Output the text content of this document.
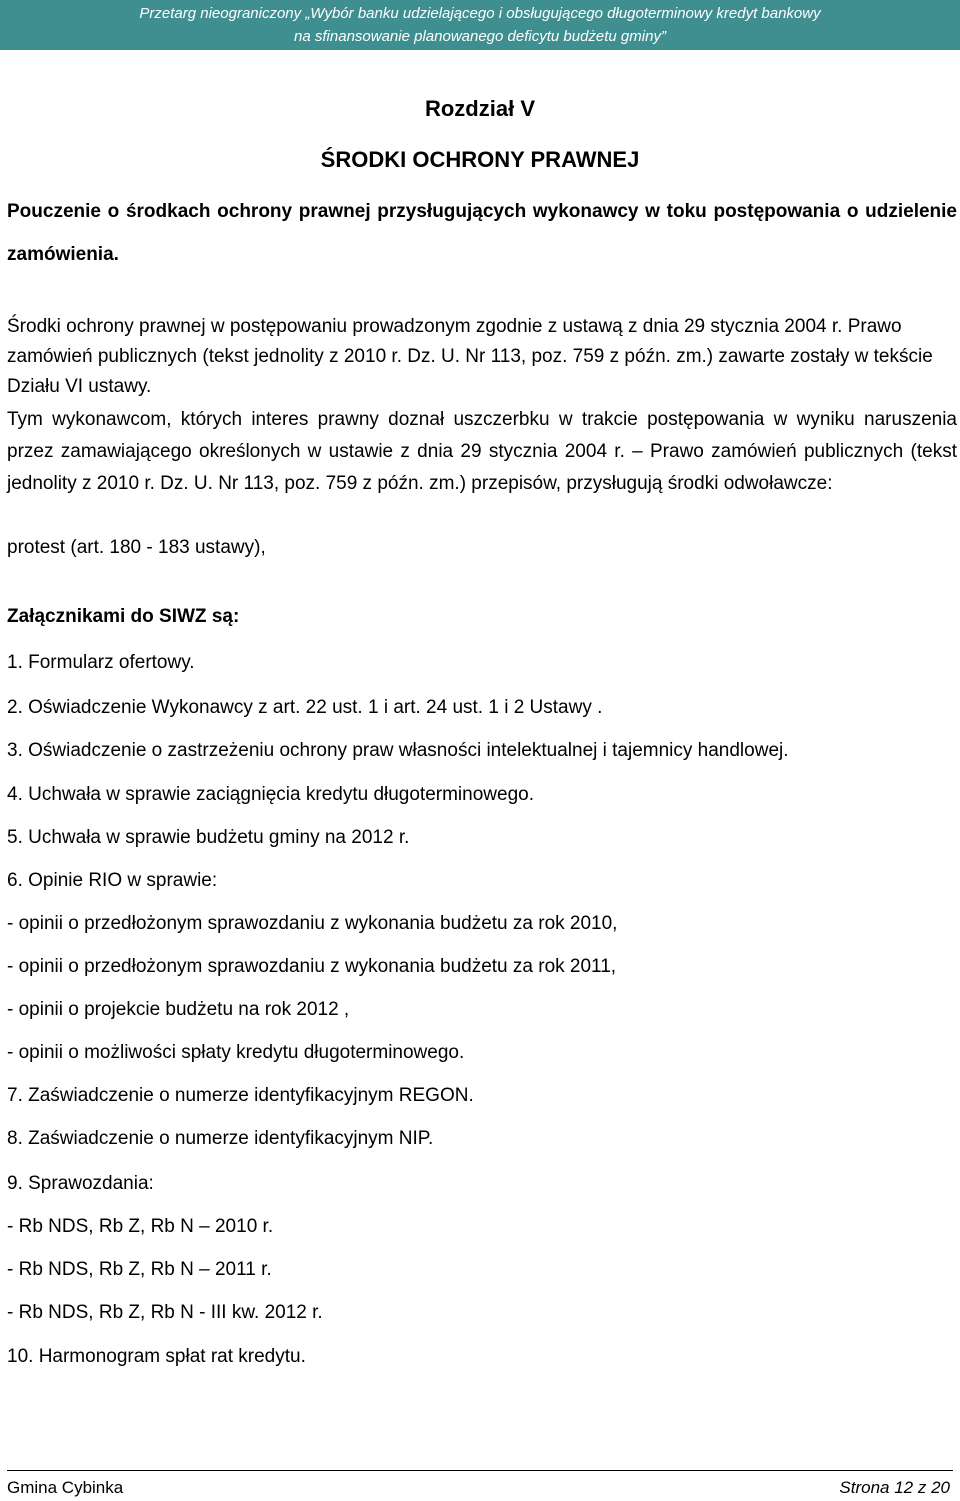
Przetarg nieograniczony „Wybór banku udzielającego i obsługującego długoterminowy kredyt bankowy
na sfinansowanie planowanego deficytu budżetu gminy”
Rozdział V
ŚRODKI OCHRONY PRAWNEJ
Pouczenie o środkach ochrony prawnej przysługujących wykonawcy w toku postępowania o udzielenie zamówienia.
Środki ochrony prawnej w postępowaniu prowadzonym zgodnie z ustawą z dnia 29 stycznia 2004 r. Prawo zamówień publicznych (tekst jednolity z 2010 r. Dz. U. Nr 113, poz. 759 z późn. zm.) zawarte zostały w tekście Działu VI ustawy.
Tym wykonawcom, których interes prawny doznał uszczerbku w trakcie postępowania w wyniku naruszenia przez zamawiającego określonych w ustawie z dnia 29 stycznia 2004 r. – Prawo zamówień publicznych (tekst jednolity z 2010 r. Dz. U. Nr 113, poz. 759 z późn. zm.) przepisów, przysługują środki odwoławcze:
protest (art. 180 - 183 ustawy),
Załącznikami do SIWZ są:
1. Formularz ofertowy.
2. Oświadczenie Wykonawcy z art. 22 ust. 1 i art. 24 ust. 1 i 2 Ustawy .
3. Oświadczenie o zastrzeżeniu ochrony praw własności intelektualnej i tajemnicy handlowej.
4. Uchwała w sprawie zaciągnięcia kredytu długoterminowego.
5. Uchwała w sprawie budżetu gminy na 2012 r.
6. Opinie RIO w sprawie:
- opinii o przedłożonym sprawozdaniu z wykonania budżetu za rok 2010,
- opinii o przedłożonym sprawozdaniu z wykonania budżetu za rok 2011,
- opinii o projekcie budżetu na rok 2012 ,
- opinii o możliwości spłaty kredytu długoterminowego.
7. Zaświadczenie o numerze identyfikacyjnym REGON.
8. Zaświadczenie o numerze identyfikacyjnym NIP.
9. Sprawozdania:
- Rb NDS, Rb Z, Rb N – 2010 r.
- Rb NDS, Rb Z, Rb N – 2011 r.
- Rb NDS, Rb Z, Rb N - III kw. 2012 r.
10. Harmonogram spłat rat kredytu.
Gmina Cybinka	Strona 12 z 20
